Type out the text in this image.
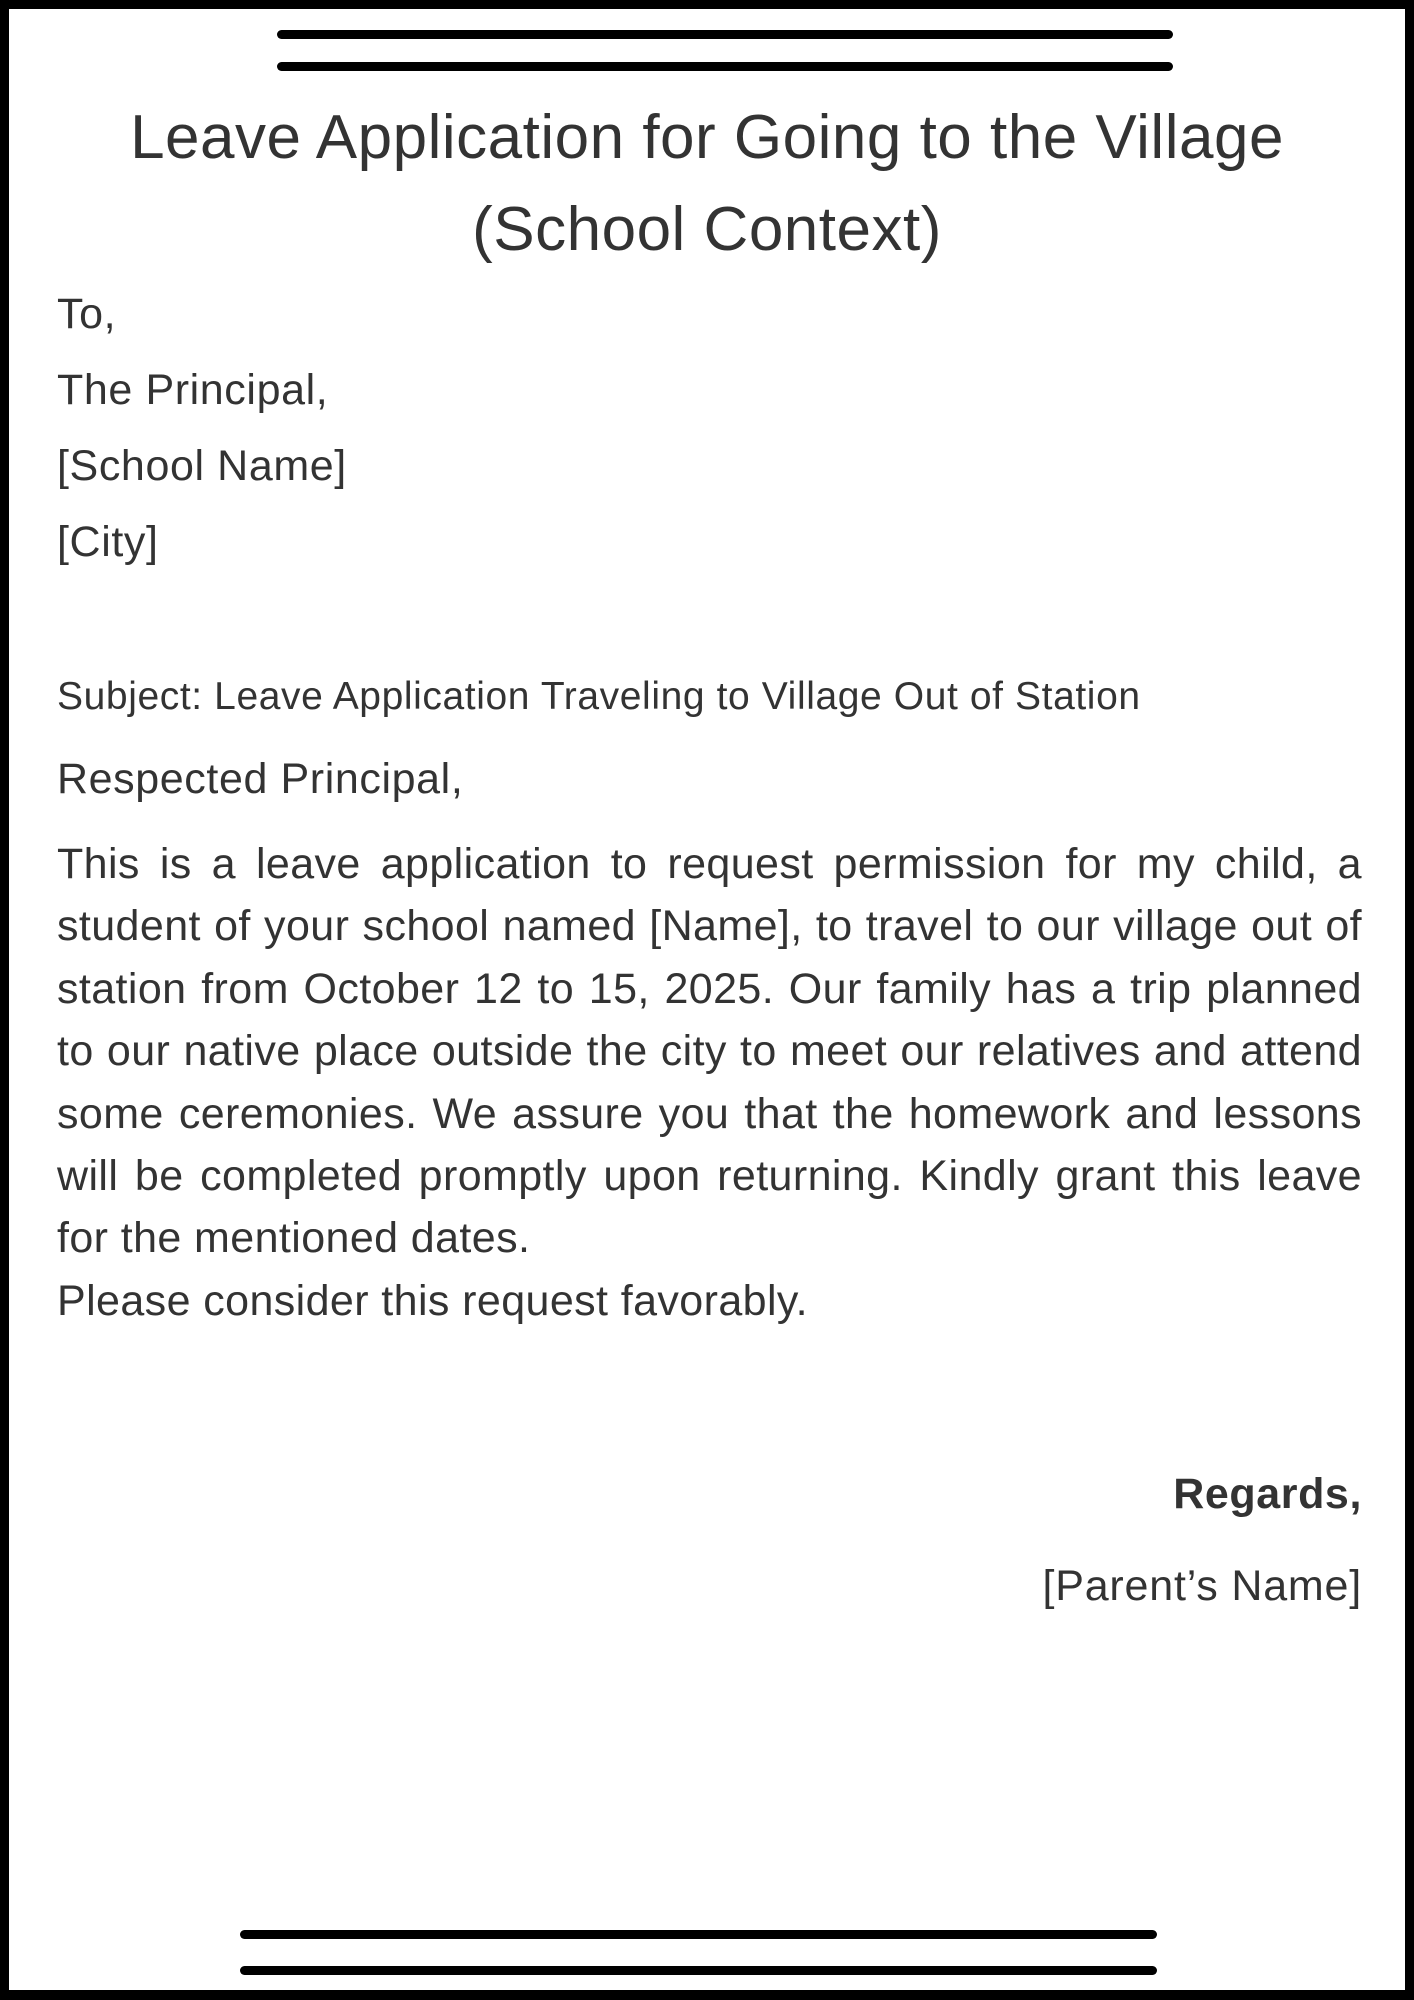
Leave Application for Going to the Village (School Context)

To,

The Principal,

[School Name]

[City]

Subject: Leave Application Traveling to Village Out of Station

Respected Principal,

This is a leave application to request permission for my child, a student of your school named [Name], to travel to our village out of station from October 12 to 15, 2025. Our family has a trip planned to our native place outside the city to meet our relatives and attend some ceremonies. We assure you that the homework and lessons will be completed promptly upon returning. Kindly grant this leave for the mentioned dates.

Please consider this request favorably.

Regards,

[Parent’s Name]
